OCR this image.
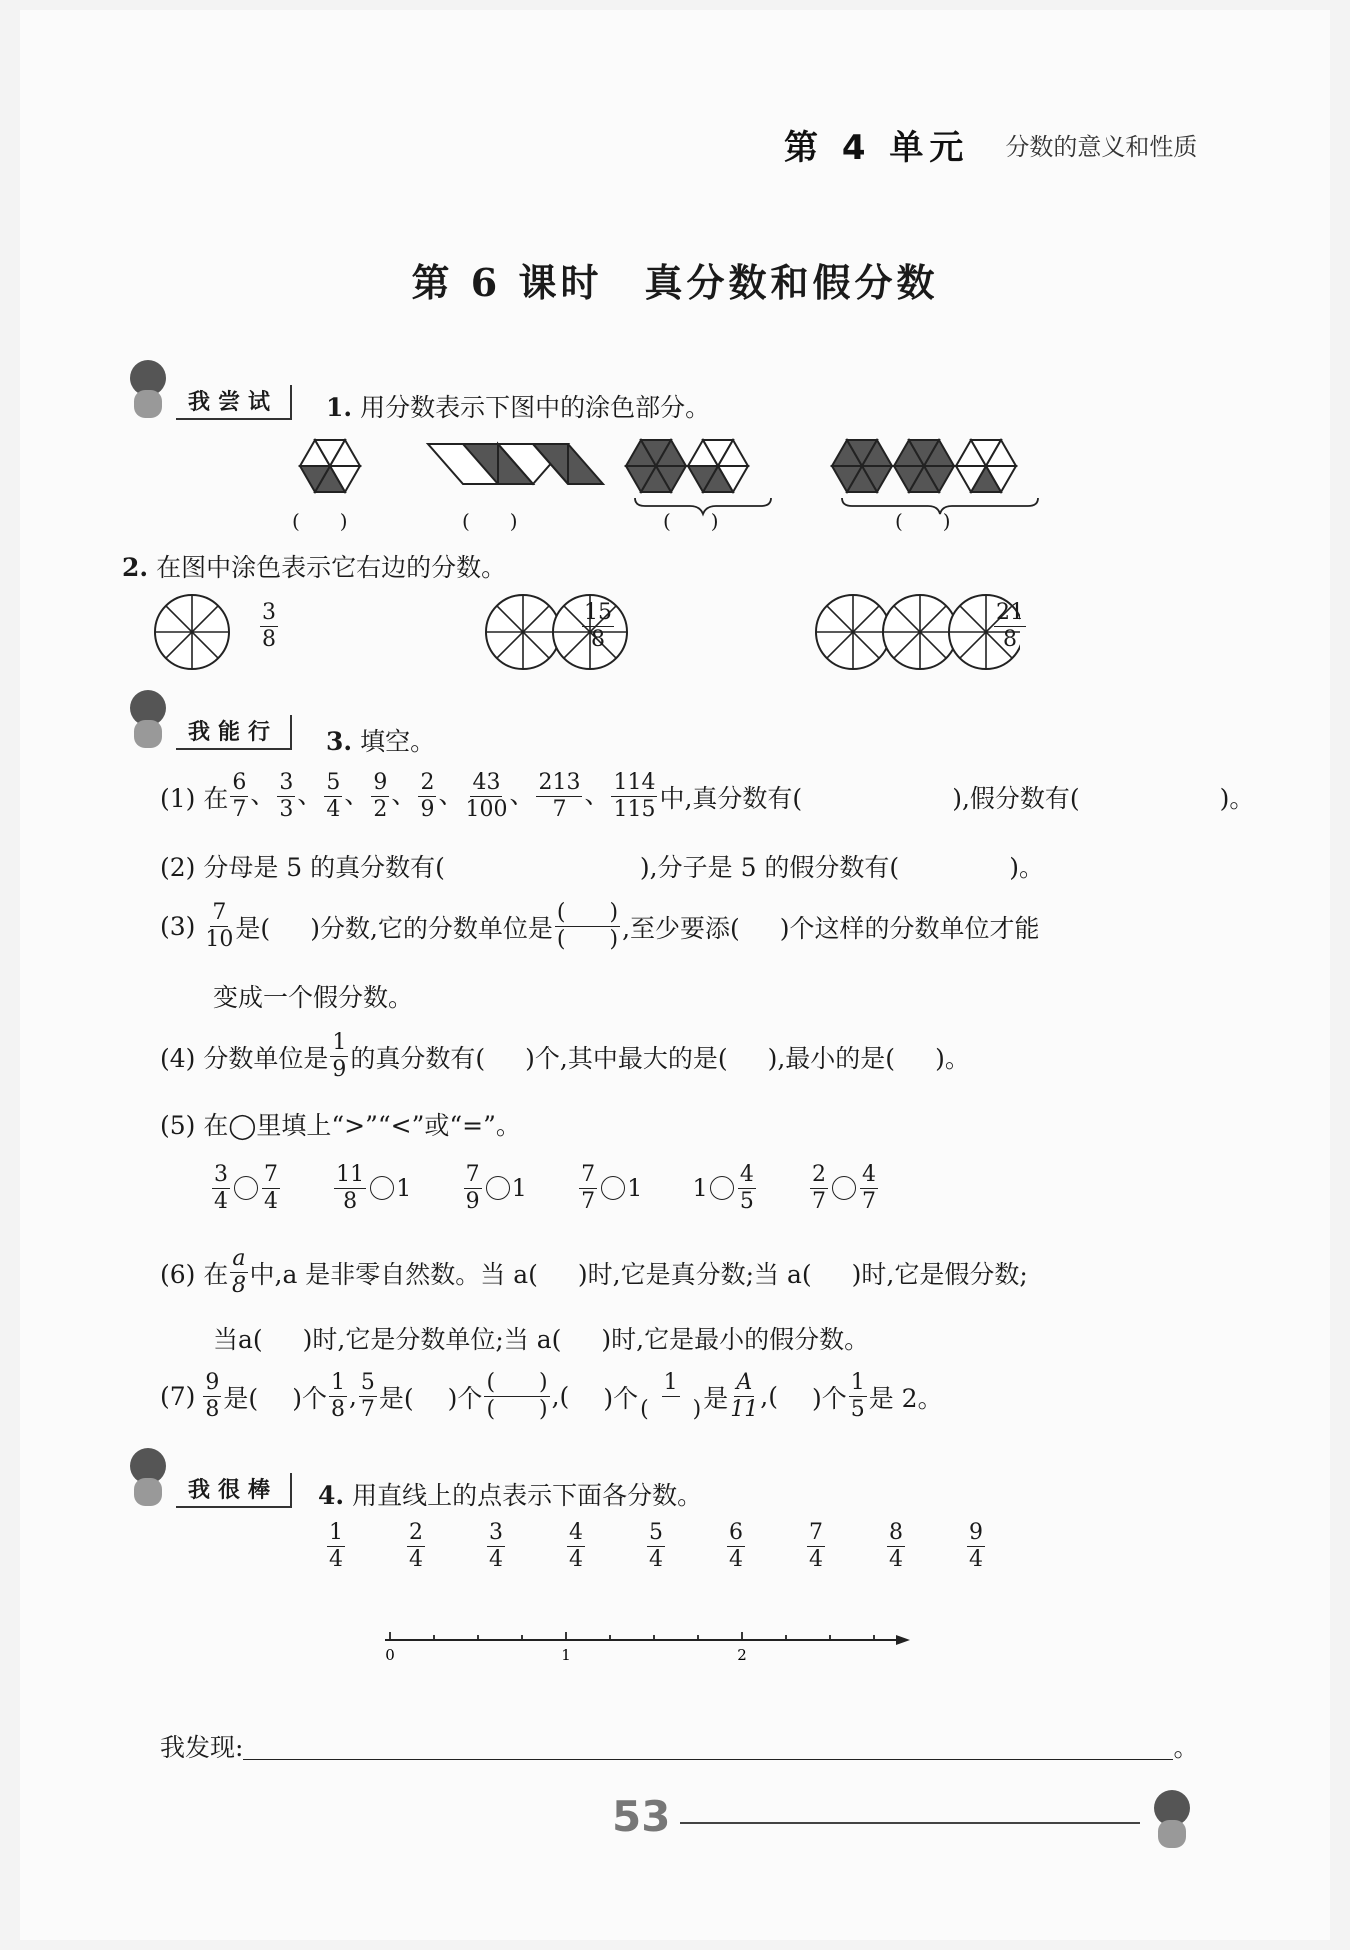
第 4 单元	分数的意义和性质
第 6 课时　真分数和假分数
我尝试	1. 用分数表示下图中的涂色部分。
(　　)	(　　)	(　　)	(　　)
2. 在图中涂色表示它右边的分数。
$\frac{3}{8}$	$\frac{15}{8}$	$\frac{21}{8}$
我能行	3. 填空。
(1) 在 $\frac{6}{7}$ 、 $\frac{3}{3}$ 、 $\frac{5}{4}$ 、 $\frac{9}{2}$ 、 $\frac{2}{9}$ 、 $\frac{43}{100}$ 、 $\frac{213}{7}$ 、 $\frac{114}{115}$ 中,真分数有(	),假分数有(	)。
(2) 分母是 5 的真分数有(	),分子是 5 的假分数有(	)。
$(3) \frac{7}{10}$ 是( )分数,它的分数单位是 $\frac{( )}{( )}$ ,至少要添( )个这样的分数单位才能
变成一个假分数。
(4) 分数单位是 $\frac{1}{9}$ 的真分数有( )个,其中最大的是( ),最小的是( )。
(5) 在◯里填上“>”“<”或“=”。
$\frac{3}{4} \frac{7}{4} \frac{11}{8} 1 \frac{7}{9} 1 \frac{7}{7} 1$ $1 \frac{4}{5} \frac{2}{7} \frac{4}{7}$
(6) 在 $\frac{a}{8}$ 中,a 是非零自然数。当 a( )时,它是真分数;当 a( )时,它是假分数;
当a( )时,它是分数单位;当 a( )时,它是最小的假分数。
$(7) \frac{9}{8}$ 是( )个 $\frac{1}{8}$ , $\frac{5}{7}$ 是( )个 $\frac{( )}{( )}$ ,( )个 $\frac{1}{( )}$ 是 $\frac{A}{11}$ ,( )个 $\frac{1}{5}$ 是 2。
我很棒	4. 用直线上的点表示下面各分数。
$\frac{1}{4}$	$\frac{2}{4}$	$\frac{3}{4}$	$\frac{4}{4}$	$\frac{5}{4}$	$\frac{6}{4}$	$\frac{7}{4}$	$\frac{8}{4}$	$\frac{9}{4}$
0	1	2
我发现:	。
53
